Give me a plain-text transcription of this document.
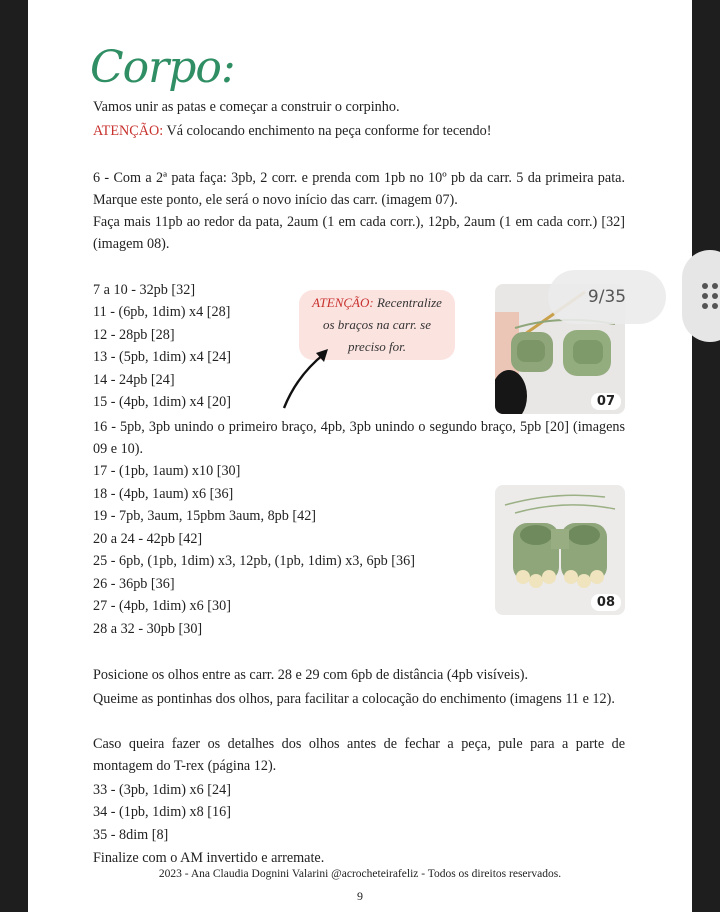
Corpo:
Vamos unir as patas e começar a construir o corpinho.
ATENÇÃO: Vá colocando enchimento na peça conforme for tecendo!
6 - Com a 2ª pata faça: 3pb, 2 corr. e prenda com 1pb no 10º pb da carr. 5 da primeira pata. Marque este ponto, ele será o novo início das carr. (imagem 07).
Faça mais 11pb ao redor da pata, 2aum (1 em cada corr.), 12pb, 2aum (1 em cada corr.) [32] (imagem 08).
7 a 10 - 32pb [32]
11 - (6pb, 1dim) x4 [28]
12 - 28pb [28]
13 - (5pb, 1dim) x4 [24]
14 - 24pb [24]
15 - (4pb, 1dim) x4 [20]
ATENÇÃO: Recentralize
os braços na carr. se
preciso for.
07
16 - 5pb, 3pb unindo o primeiro braço, 4pb, 3pb unindo o segundo braço, 5pb [20] (imagens 09 e 10).
17 - (1pb, 1aum) x10 [30]
18 - (4pb, 1aum) x6 [36]
19 - 7pb, 3aum, 15pbm 3aum, 8pb [42]
20 a 24 - 42pb [42]
25 - 6pb, (1pb, 1dim) x3, 12pb, (1pb, 1dim) x3, 6pb [36]
26 - 36pb [36]
27 - (4pb, 1dim) x6 [30]
28 a 32 - 30pb [30]
08
Posicione os olhos entre as carr. 28 e 29 com 6pb de distância (4pb visíveis).
Queime as pontinhas dos olhos, para facilitar a colocação do enchimento (imagens 11 e 12).
Caso queira fazer os detalhes dos olhos antes de fechar a peça, pule para a parte de montagem do T-rex (página 12).
33 - (3pb, 1dim) x6 [24]
34 - (1pb, 1dim) x8 [16]
35 - 8dim [8]
Finalize com o AM invertido e arremate.
2023 - Ana Claudia Dognini Valarini @acrocheteirafeliz - Todos os direitos reservados.
9
9/35
